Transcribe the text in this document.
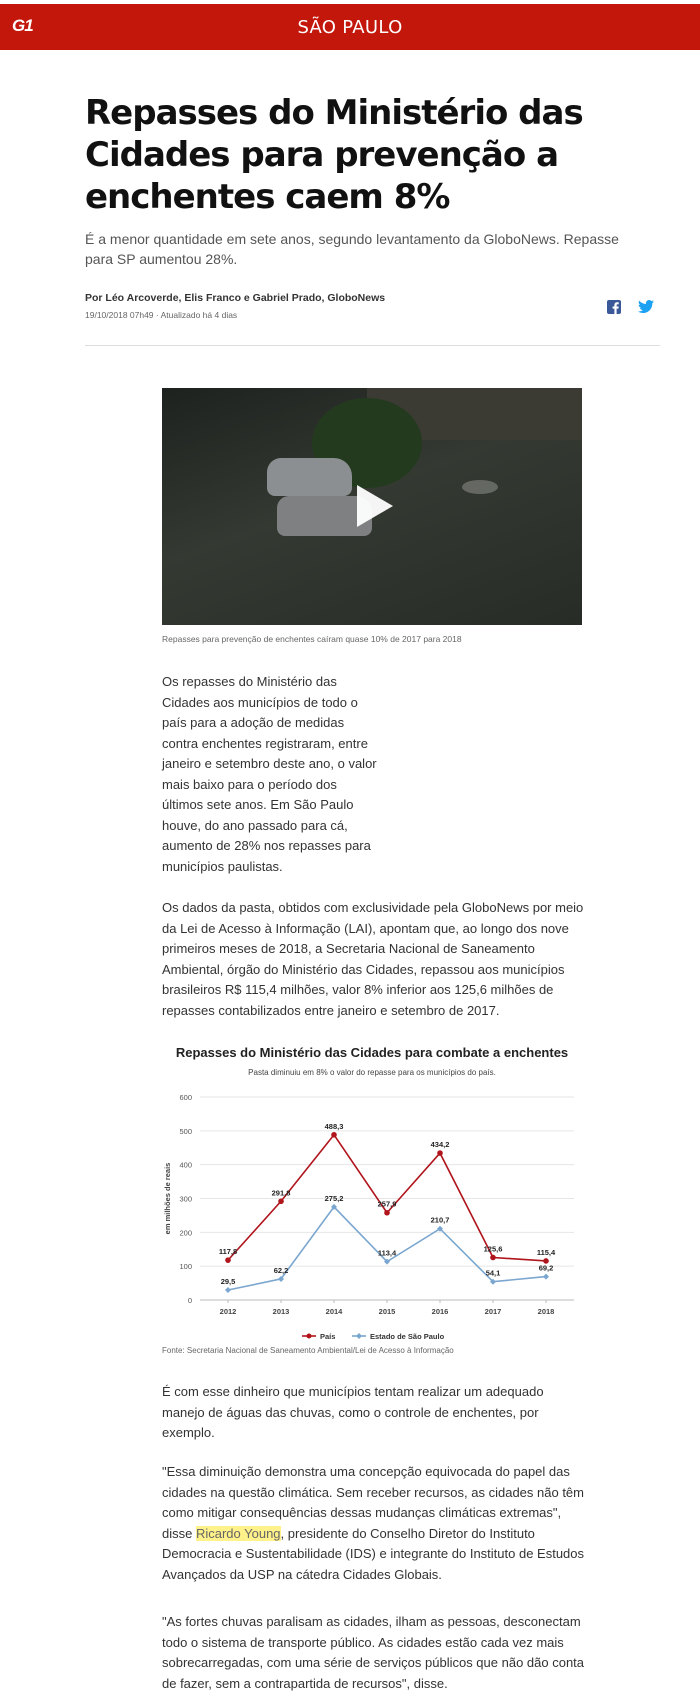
G1	SÃO PAULO
Repasses do Ministério das Cidades para prevenção a enchentes caem 8%

É a menor quantidade em sete anos, segundo levantamento da GloboNews. Repasse para SP aumentou 28%.

Por Léo Arcoverde, Elis Franco e Gabriel Prado, GloboNews
19/10/2018 07h49 · Atualizado há 4 dias
Repasses para prevenção de enchentes caíram quase 10% de 2017 para 2018

Os repasses do Ministério das Cidades aos municípios de todo o país para a adoção de medidas contra enchentes registraram, entre janeiro e setembro deste ano, o valor mais baixo para o período dos últimos sete anos. Em São Paulo houve, do ano passado para cá, aumento de 28% nos repasses para municípios paulistas.

Os dados da pasta, obtidos com exclusividade pela GloboNews por meio da Lei de Acesso à Informação (LAI), apontam que, ao longo dos nove primeiros meses de 2018, a Secretaria Nacional de Saneamento Ambiental, órgão do Ministério das Cidades, repassou aos municípios brasileiros R$ 115,4 milhões, valor 8% inferior aos 125,6 milhões de repasses contabilizados entre janeiro e setembro de 2017.

Repasses do Ministério das Cidades para combate a enchentes
Pasta diminuiu em 8% o valor do repasse para os municípios do país.
0
100
200
300
400
500
600
2012	2013	2014	2015	2016	2017	2018
em milhões de reais
117,8
291,8
488,3
257,9
434,2
125,6	115,4
29,5
62,2
275,2
113,4
210,7
54,1
69,2
País	Estado de São Paulo
Fonte: Secretaria Nacional de Saneamento Ambiental/Lei de Acesso à Informação

É com esse dinheiro que municípios tentam realizar um adequado manejo de águas das chuvas, como o controle de enchentes, por exemplo.

"Essa diminuição demonstra uma concepção equivocada do papel das cidades na questão climática. Sem receber recursos, as cidades não têm como mitigar consequências dessas mudanças climáticas extremas", disse Ricardo Young, presidente do Conselho Diretor do Instituto Democracia e Sustentabilidade (IDS) e integrante do Instituto de Estudos Avançados da USP na cátedra Cidades Globais.

"As fortes chuvas paralisam as cidades, ilham as pessoas, desconectam todo o sistema de transporte público. As cidades estão cada vez mais sobrecarregadas, com uma série de serviços públicos que não dão conta de fazer, sem a contrapartida de recursos", disse.
